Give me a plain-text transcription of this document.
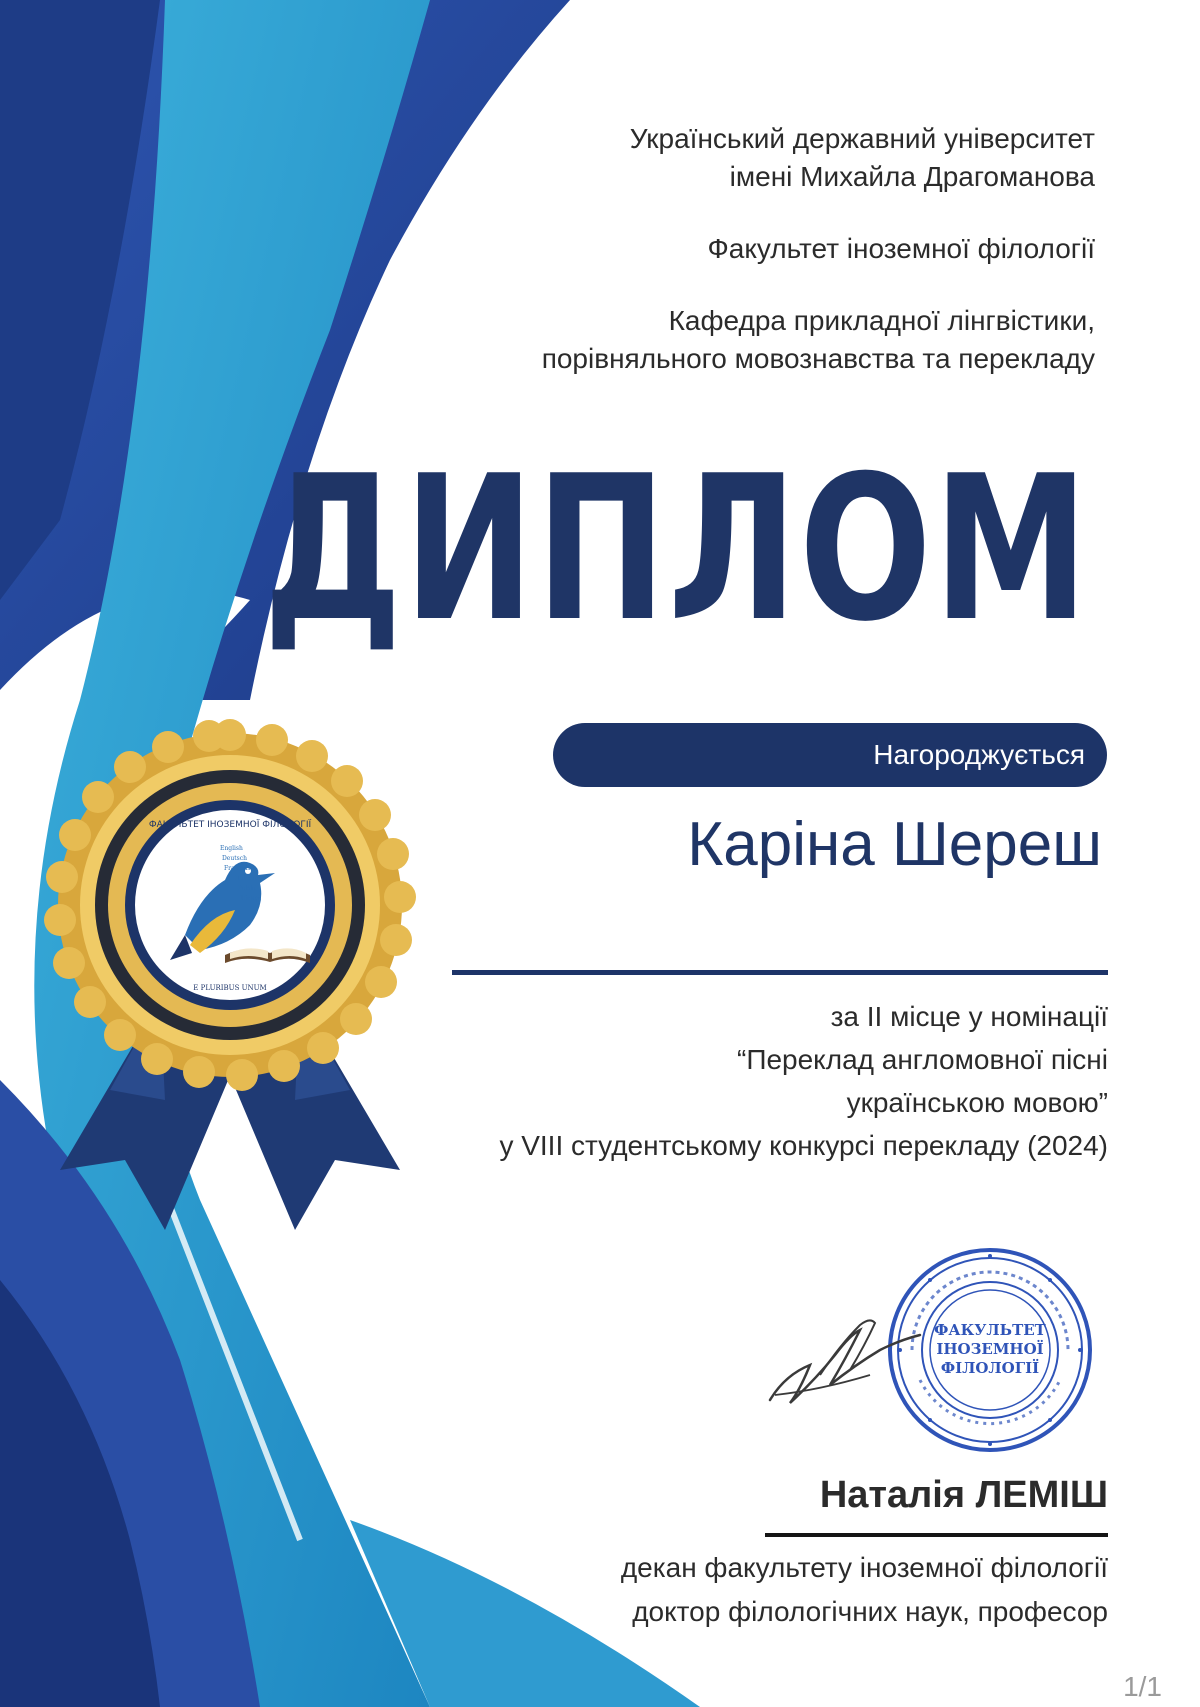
Український державний університет
імені Михайла Драгоманова

Факультет іноземної філології

Кафедра прикладної лінгвістики,
порівняльного мовознавства та перекладу

ДИПЛОМ
Нагороджується
Каріна Шереш
за ІІ місце у номінації
“Переклад англомовної пісні
українською мовою”
у VIII студентському конкурсі перекладу (2024)
English
Deutsch
Français
Italiano
Polski
Türkçe
ФАКУЛЬТЕТ ІНОЗЕМНОЇ ФІЛОЛОГІЇ
E PLURIBUS UNUM
ФАКУЛЬТЕТ
ІНОЗЕМНОЇ
ФІЛОЛОГІЇ
Наталія ЛЕМІШ
декан факультету іноземної філології
доктор філологічних наук, професор
1/1
